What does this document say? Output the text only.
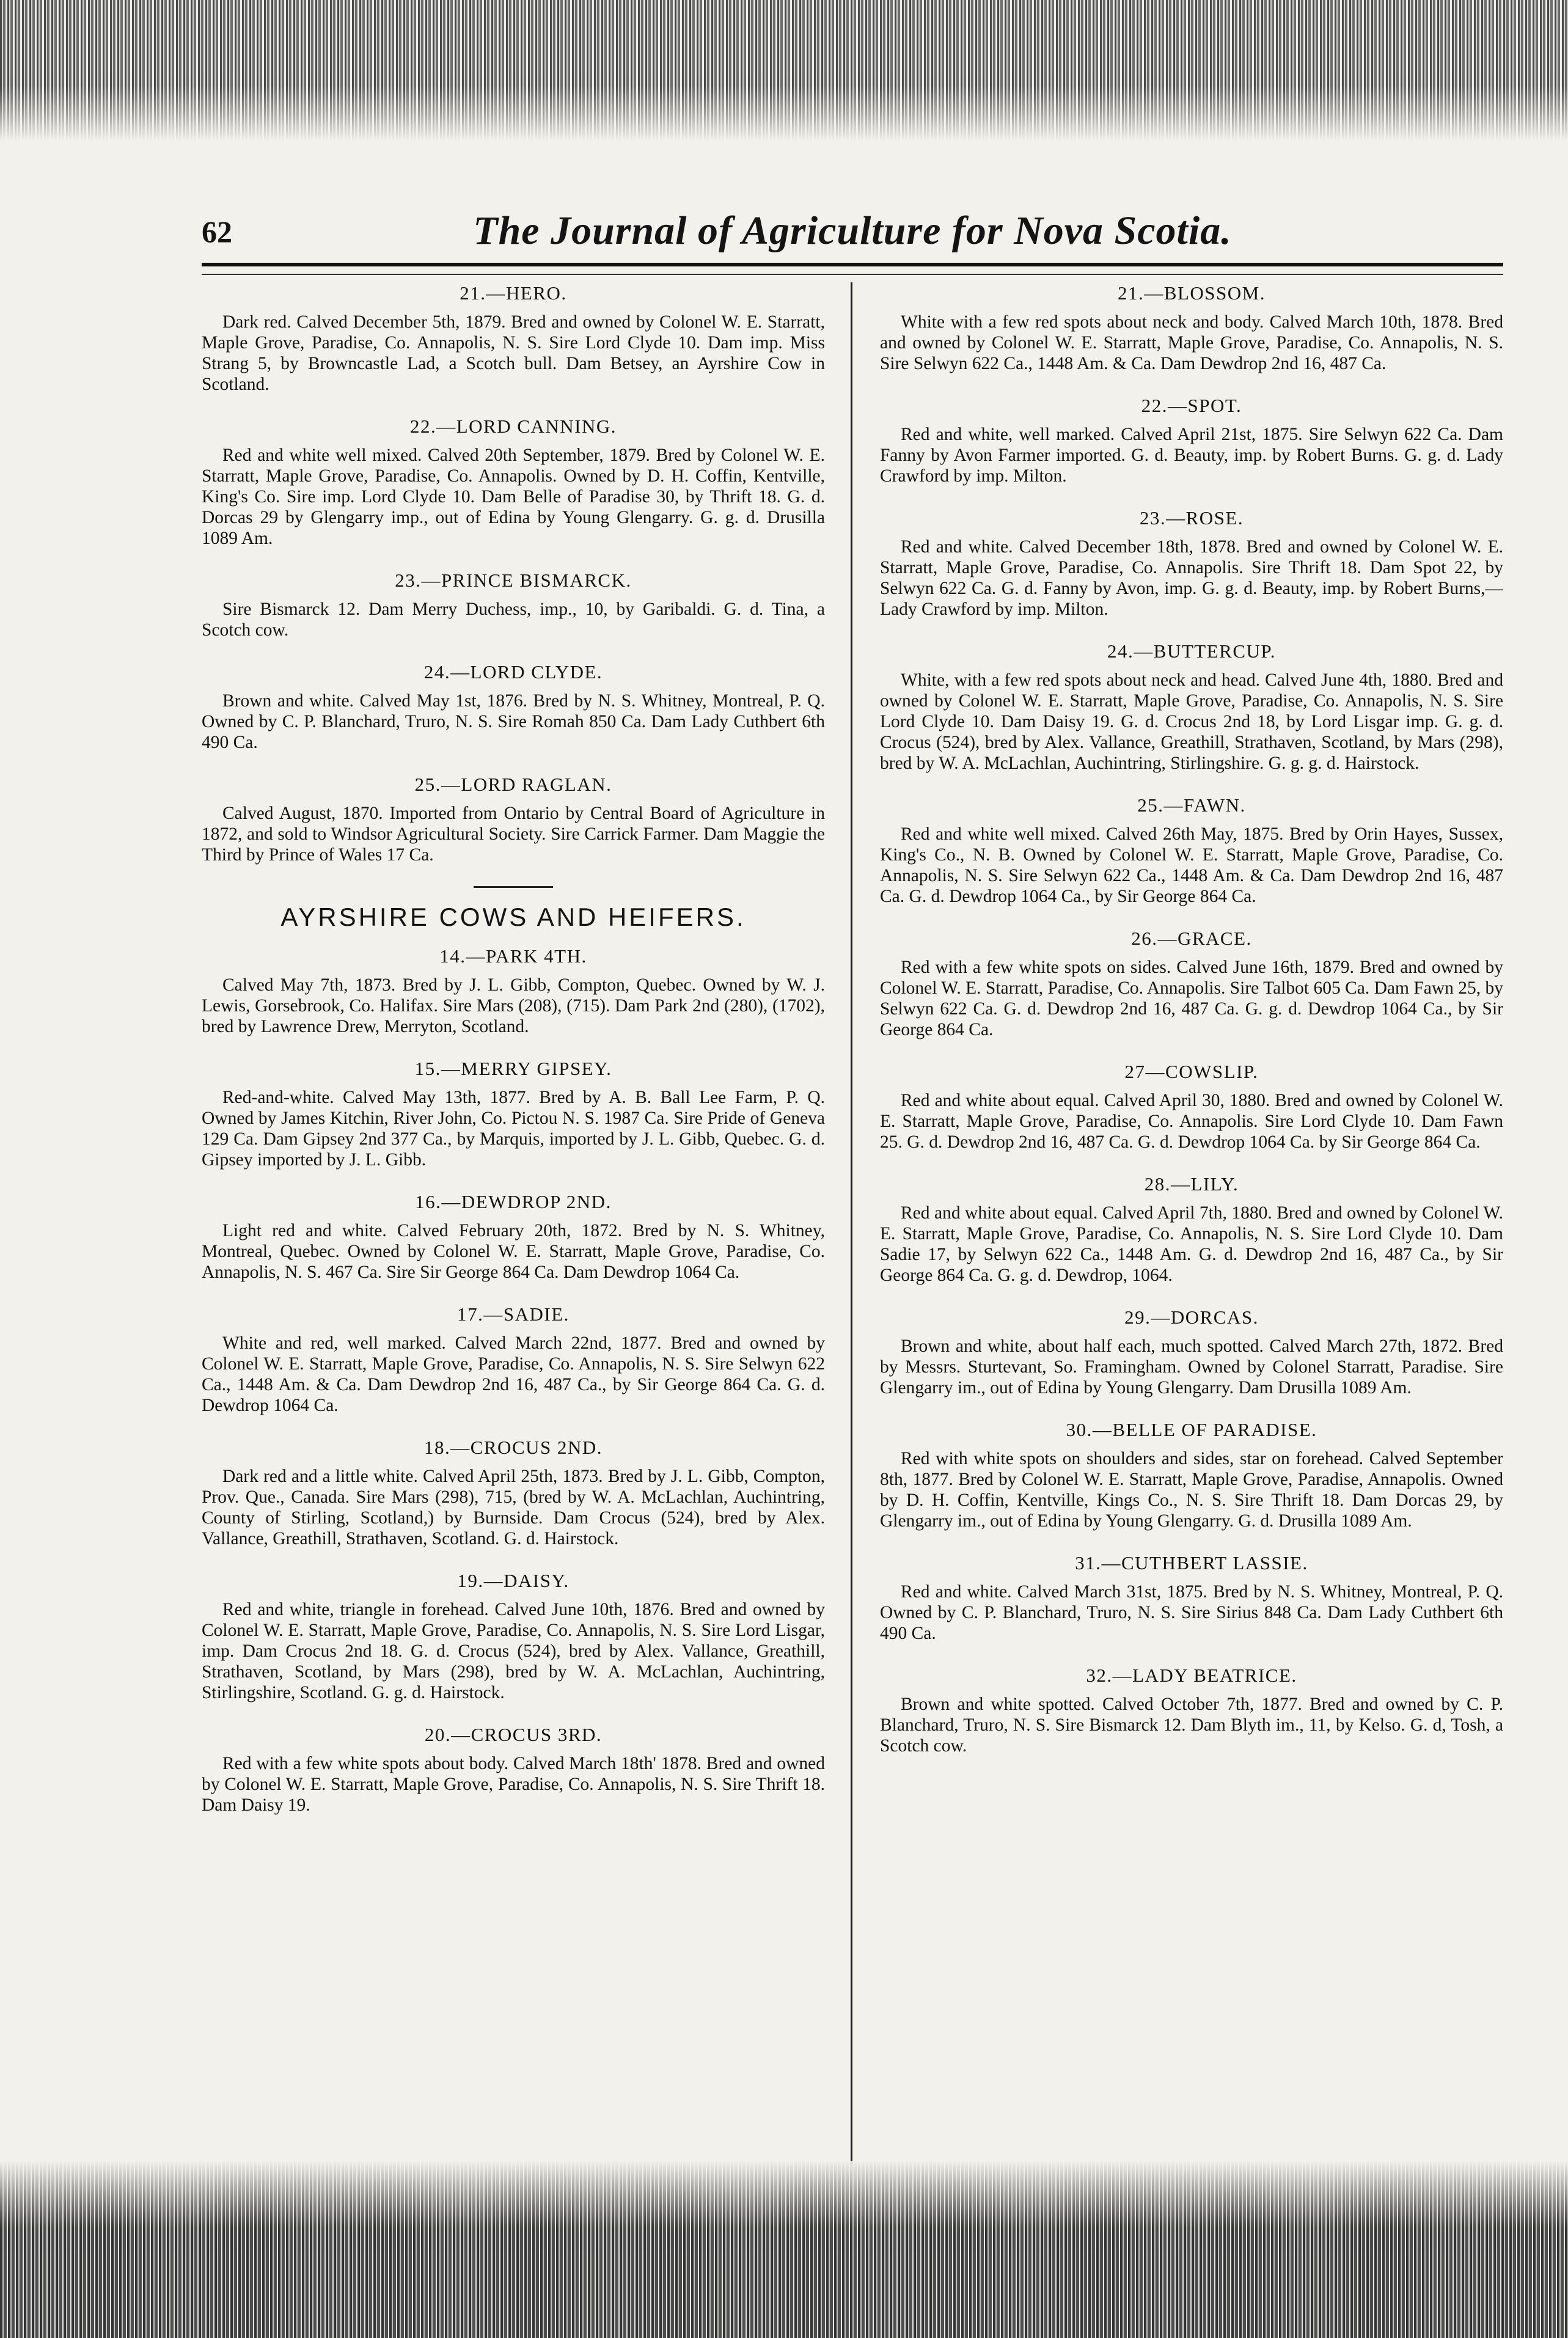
62	The Journal of Agriculture for Nova Scotia.
21.—HERO.

Dark red. Calved December 5th, 1879. Bred and owned by Colonel W. E. Starratt, Maple Grove, Paradise, Co. Annapolis, N. S. Sire Lord Clyde 10. Dam imp. Miss Strang 5, by Browncastle Lad, a Scotch bull. Dam Betsey, an Ayrshire Cow in Scotland.

22.—LORD CANNING.

Red and white well mixed. Calved 20th September, 1879. Bred by Colonel W. E. Starratt, Maple Grove, Paradise, Co. Annapolis. Owned by D. H. Coffin, Kentville, King's Co. Sire imp. Lord Clyde 10. Dam Belle of Paradise 30, by Thrift 18. G. d. Dorcas 29 by Glengarry imp., out of Edina by Young Glengarry. G. g. d. Drusilla 1089 Am.

23.—PRINCE BISMARCK.

Sire Bismarck 12. Dam Merry Duchess, imp., 10, by Garibaldi. G. d. Tina, a Scotch cow.

24.—LORD CLYDE.

Brown and white. Calved May 1st, 1876. Bred by N. S. Whitney, Montreal, P. Q. Owned by C. P. Blanchard, Truro, N. S. Sire Romah 850 Ca. Dam Lady Cuthbert 6th 490 Ca.

25.—LORD RAGLAN.

Calved August, 1870. Imported from Ontario by Central Board of Agriculture in 1872, and sold to Windsor Agricultural Society. Sire Carrick Farmer. Dam Maggie the Third by Prince of Wales 17 Ca.

AYRSHIRE COWS AND HEIFERS.
14.—PARK 4TH.

Calved May 7th, 1873. Bred by J. L. Gibb, Compton, Quebec. Owned by W. J. Lewis, Gorsebrook, Co. Halifax. Sire Mars (208), (715). Dam Park 2nd (280), (1702), bred by Lawrence Drew, Merryton, Scotland.

15.—MERRY GIPSEY.

Red-and-white. Calved May 13th, 1877. Bred by A. B. Ball Lee Farm, P. Q. Owned by James Kitchin, River John, Co. Pictou N. S. 1987 Ca. Sire Pride of Geneva 129 Ca. Dam Gipsey 2nd 377 Ca., by Marquis, imported by J. L. Gibb, Quebec. G. d. Gipsey imported by J. L. Gibb.

16.—DEWDROP 2ND.

Light red and white. Calved February 20th, 1872. Bred by N. S. Whitney, Montreal, Quebec. Owned by Colonel W. E. Starratt, Maple Grove, Paradise, Co. Annapolis, N. S. 467 Ca. Sire Sir George 864 Ca. Dam Dewdrop 1064 Ca.

17.—SADIE.

White and red, well marked. Calved March 22nd, 1877. Bred and owned by Colonel W. E. Starratt, Maple Grove, Paradise, Co. Annapolis, N. S. Sire Selwyn 622 Ca., 1448 Am. & Ca. Dam Dewdrop 2nd 16, 487 Ca., by Sir George 864 Ca. G. d. Dewdrop 1064 Ca.

18.—CROCUS 2ND.

Dark red and a little white. Calved April 25th, 1873. Bred by J. L. Gibb, Compton, Prov. Que., Canada. Sire Mars (298), 715, (bred by W. A. McLachlan, Auchintring, County of Stirling, Scotland,) by Burnside. Dam Crocus (524), bred by Alex. Vallance, Greathill, Strathaven, Scotland. G. d. Hairstock.

19.—DAISY.

Red and white, triangle in forehead. Calved June 10th, 1876. Bred and owned by Colonel W. E. Starratt, Maple Grove, Paradise, Co. Annapolis, N. S. Sire Lord Lisgar, imp. Dam Crocus 2nd 18. G. d. Crocus (524), bred by Alex. Vallance, Greathill, Strathaven, Scotland, by Mars (298), bred by W. A. McLachlan, Auchintring, Stirlingshire, Scotland. G. g. d. Hairstock.

20.—CROCUS 3RD.

Red with a few white spots about body. Calved March 18th' 1878. Bred and owned by Colonel W. E. Starratt, Maple Grove, Paradise, Co. Annapolis, N. S. Sire Thrift 18. Dam Daisy 19.

21.—BLOSSOM.

White with a few red spots about neck and body. Calved March 10th, 1878. Bred and owned by Colonel W. E. Starratt, Maple Grove, Paradise, Co. Annapolis, N. S. Sire Selwyn 622 Ca., 1448 Am. & Ca. Dam Dewdrop 2nd 16, 487 Ca.

22.—SPOT.

Red and white, well marked. Calved April 21st, 1875. Sire Selwyn 622 Ca. Dam Fanny by Avon Farmer imported. G. d. Beauty, imp. by Robert Burns. G. g. d. Lady Crawford by imp. Milton.

23.—ROSE.

Red and white. Calved December 18th, 1878. Bred and owned by Colonel W. E. Starratt, Maple Grove, Paradise, Co. Annapolis. Sire Thrift 18. Dam Spot 22, by Selwyn 622 Ca. G. d. Fanny by Avon, imp. G. g. d. Beauty, imp. by Robert Burns,—Lady Crawford by imp. Milton.

24.—BUTTERCUP.

White, with a few red spots about neck and head. Calved June 4th, 1880. Bred and owned by Colonel W. E. Starratt, Maple Grove, Paradise, Co. Annapolis, N. S. Sire Lord Clyde 10. Dam Daisy 19. G. d. Crocus 2nd 18, by Lord Lisgar imp. G. g. d. Crocus (524), bred by Alex. Vallance, Greathill, Strathaven, Scotland, by Mars (298), bred by W. A. McLachlan, Auchintring, Stirlingshire. G. g. g. d. Hairstock.

25.—FAWN.

Red and white well mixed. Calved 26th May, 1875. Bred by Orin Hayes, Sussex, King's Co., N. B. Owned by Colonel W. E. Starratt, Maple Grove, Paradise, Co. Annapolis, N. S. Sire Selwyn 622 Ca., 1448 Am. & Ca. Dam Dewdrop 2nd 16, 487 Ca. G. d. Dewdrop 1064 Ca., by Sir George 864 Ca.

26.—GRACE.

Red with a few white spots on sides. Calved June 16th, 1879. Bred and owned by Colonel W. E. Starratt, Paradise, Co. Annapolis. Sire Talbot 605 Ca. Dam Fawn 25, by Selwyn 622 Ca. G. d. Dewdrop 2nd 16, 487 Ca. G. g. d. Dewdrop 1064 Ca., by Sir George 864 Ca.

27—COWSLIP.

Red and white about equal. Calved April 30, 1880. Bred and owned by Colonel W. E. Starratt, Maple Grove, Paradise, Co. Annapolis. Sire Lord Clyde 10. Dam Fawn 25. G. d. Dewdrop 2nd 16, 487 Ca. G. d. Dewdrop 1064 Ca. by Sir George 864 Ca.

28.—LILY.

Red and white about equal. Calved April 7th, 1880. Bred and owned by Colonel W. E. Starratt, Maple Grove, Paradise, Co. Annapolis, N. S. Sire Lord Clyde 10. Dam Sadie 17, by Selwyn 622 Ca., 1448 Am. G. d. Dewdrop 2nd 16, 487 Ca., by Sir George 864 Ca. G. g. d. Dewdrop, 1064.

29.—DORCAS.

Brown and white, about half each, much spotted. Calved March 27th, 1872. Bred by Messrs. Sturtevant, So. Framingham. Owned by Colonel Starratt, Paradise. Sire Glengarry im., out of Edina by Young Glengarry. Dam Drusilla 1089 Am.

30.—BELLE OF PARADISE.

Red with white spots on shoulders and sides, star on forehead. Calved September 8th, 1877. Bred by Colonel W. E. Starratt, Maple Grove, Paradise, Annapolis. Owned by D. H. Coffin, Kentville, Kings Co., N. S. Sire Thrift 18. Dam Dorcas 29, by Glengarry im., out of Edina by Young Glengarry. G. d. Drusilla 1089 Am.

31.—CUTHBERT LASSIE.

Red and white. Calved March 31st, 1875. Bred by N. S. Whitney, Montreal, P. Q. Owned by C. P. Blanchard, Truro, N. S. Sire Sirius 848 Ca. Dam Lady Cuthbert 6th 490 Ca.

32.—LADY BEATRICE.

Brown and white spotted. Calved October 7th, 1877. Bred and owned by C. P. Blanchard, Truro, N. S. Sire Bismarck 12. Dam Blyth im., 11, by Kelso. G. d, Tosh, a Scotch cow.
